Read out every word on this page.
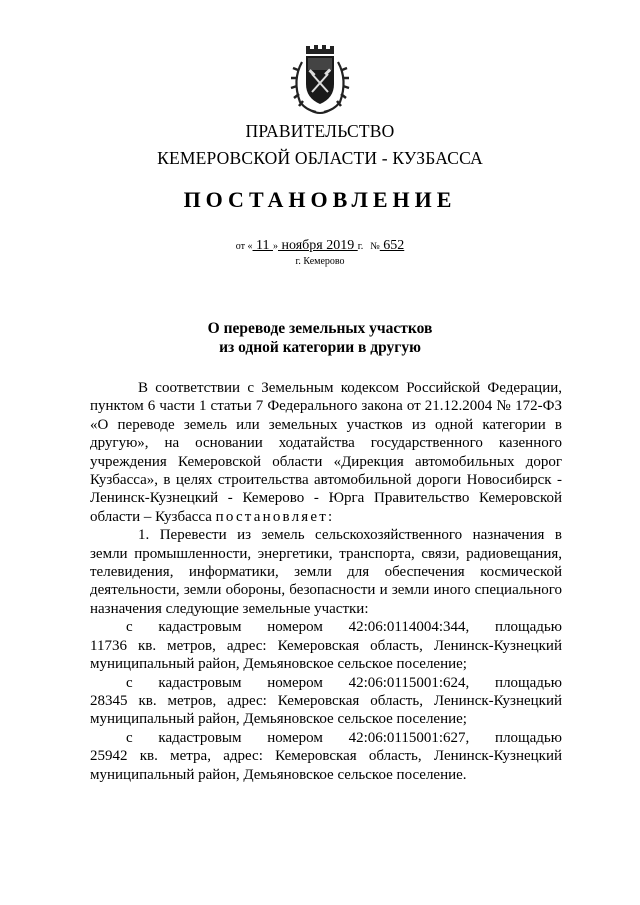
ПРАВИТЕЛЬСТВО
КЕМЕРОВСКОЙ ОБЛАСТИ - КУЗБАССА
ПОСТАНОВЛЕНИЕ
от « 11 » ноября 2019 г. № 652
г. Кемерово
О переводе земельных участков
из одной категории в другую
В соответствии с Земельным кодексом Российской Федерации,
пунктом 6 части 1 статьи 7 Федерального закона от 21.12.2004 № 172-ФЗ
«О переводе земель или земельных участков из одной категории в
другую», на основании ходатайства государственного казенного
учреждения Кемеровской области «Дирекция автомобильных дорог
Кузбасса», в целях строительства автомобильной дороги Новосибирск -
Ленинск-Кузнецкий - Кемерово - Юрга Правительство Кемеровской
области – Кузбасса постановляет:
1. Перевести из земель сельскохозяйственного назначения в
земли промышленности, энергетики, транспорта, связи, радиовещания,
телевидения, информатики, земли для обеспечения космической
деятельности, земли обороны, безопасности и земли иного специального
назначения следующие земельные участки:
с кадастровым номером 42:06:0114004:344, площадью
11736 кв. метров, адрес: Кемеровская область, Ленинск-Кузнецкий
муниципальный район, Демьяновское сельское поселение;
с кадастровым номером 42:06:0115001:624, площадью
28345 кв. метров, адрес: Кемеровская область, Ленинск-Кузнецкий
муниципальный район, Демьяновское сельское поселение;
с кадастровым номером 42:06:0115001:627, площадью
25942 кв. метра, адрес: Кемеровская область, Ленинск-Кузнецкий
муниципальный район, Демьяновское сельское поселение.
